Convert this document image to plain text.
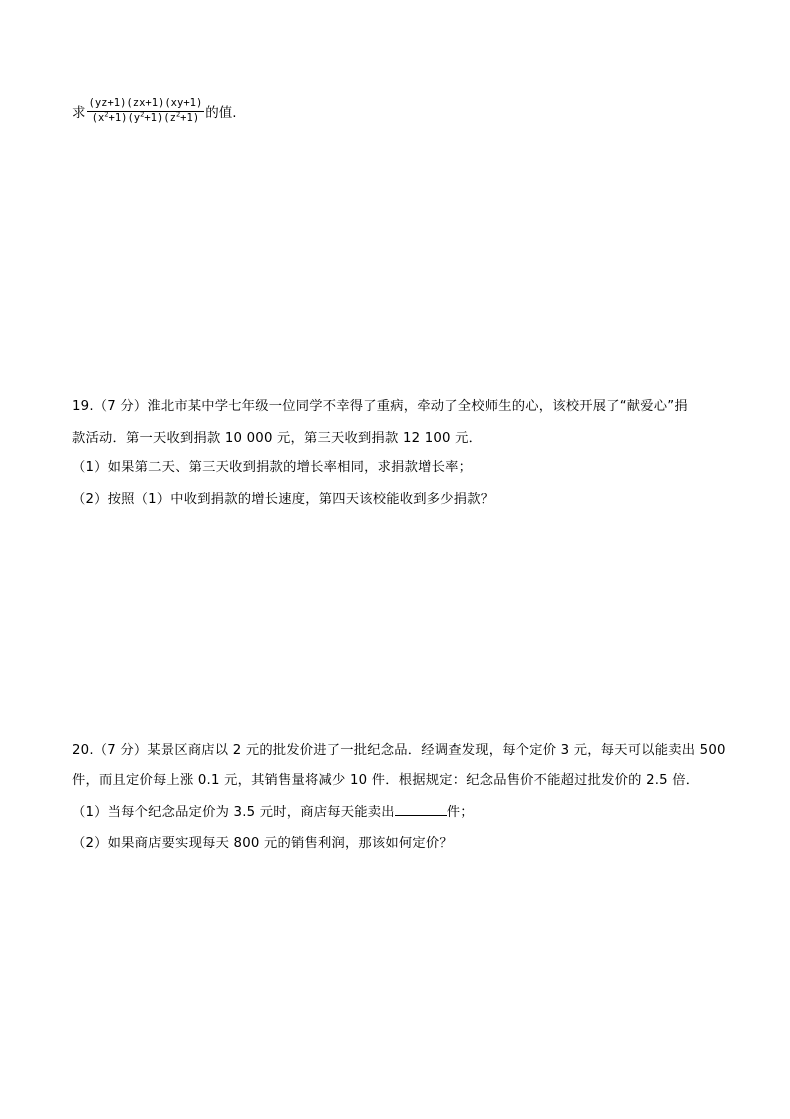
求 $\frac{(yz+1)(zx+1)(xy+1)}{(x^2+1)(y^2+1)(z^2+1)}$ 的值.
19.（7 分）淮北市某中学七年级一位同学不幸得了重病，牵动了全校师生的心，该校开展了“献爱心”捐
款活动．第一天收到捐款 10 000 元，第三天收到捐款 12 100 元．
（1）如果第二天、第三天收到捐款的增长率相同，求捐款增长率；
（2）按照（1）中收到捐款的增长速度，第四天该校能收到多少捐款？
20.（7 分）某景区商店以 2 元的批发价进了一批纪念品．经调查发现，每个定价 3 元，每天可以能卖出 500
件，而且定价每上涨 0.1 元，其销售量将减少 10 件．根据规定：纪念品售价不能超过批发价的 2.5 倍．
（1）当每个纪念品定价为 3.5 元时，商店每天能卖出	件；
（2）如果商店要实现每天 800 元的销售利润，那该如何定价？
